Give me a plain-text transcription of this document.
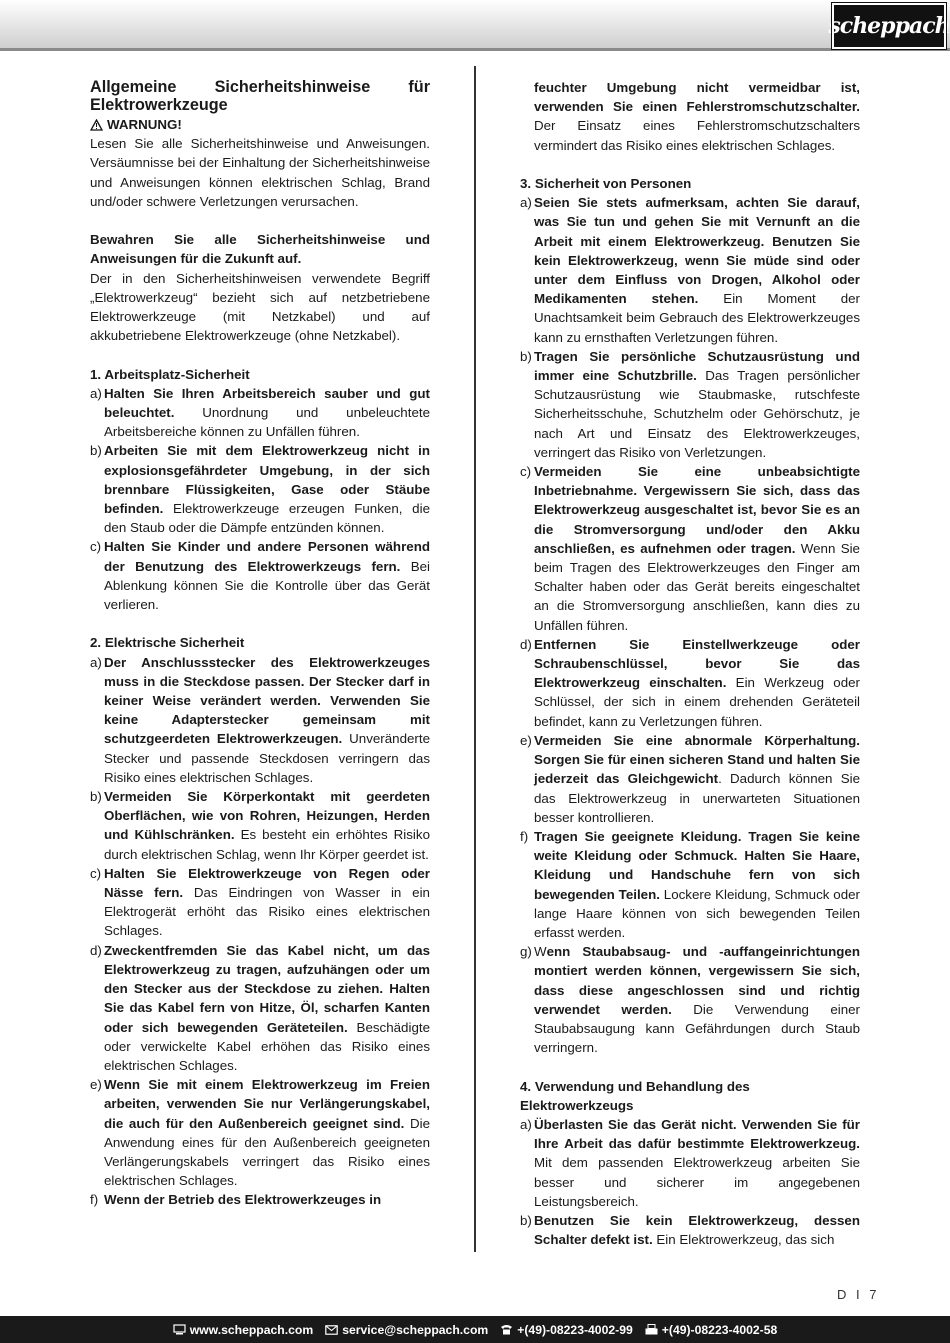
scheppach
Allgemeine Sicherheitshinweise für
Elektrowerkzeuge

WARNUNG!

Lesen Sie alle Sicherheitshinweise und Anweisungen. Versäumnisse bei der Einhaltung der Sicherheitshinweise und Anweisungen können elektrischen Schlag, Brand und/oder schwere Verletzungen verursachen.

Bewahren Sie alle Sicherheitshinweise und Anweisungen für die Zukunft auf.

Der in den Sicherheitshinweisen verwendete Begriff „Elektrowerkzeug“ bezieht sich auf netzbetriebene Elektrowerkzeuge (mit Netzkabel) und auf akkubetriebene Elektrowerkzeuge (ohne Netzkabel).

1. Arbeitsplatz-Sicherheit

a) Halten Sie Ihren Arbeitsbereich sauber und gut beleuchtet. Unordnung und unbeleuchtete Arbeitsbereiche können zu Unfällen führen.
b) Arbeiten Sie mit dem Elektrowerkzeug nicht in explosionsgefährdeter Umgebung, in der sich brennbare Flüssigkeiten, Gase oder Stäube befinden. Elektrowerkzeuge erzeugen Funken, die den Staub oder die Dämpfe entzünden können.
c) Halten Sie Kinder und andere Personen während der Benutzung des Elektrowerkzeugs fern. Bei Ablenkung können Sie die Kontrolle über das Gerät verlieren.

2. Elektrische Sicherheit

a) Der Anschlussstecker des Elektrowerkzeuges muss in die Steckdose passen. Der Stecker darf in keiner Weise verändert werden. Verwenden Sie keine Adapterstecker gemeinsam mit schutzgeerdeten Elektrowerkzeugen. Unveränderte Stecker und passende Steckdosen verringern das Risiko eines elektrischen Schlages.
b) Vermeiden Sie Körperkontakt mit geerdeten Oberflächen, wie von Rohren, Heizungen, Herden und Kühlschränken. Es besteht ein erhöhtes Risiko durch elektrischen Schlag, wenn Ihr Körper geerdet ist.
c) Halten Sie Elektrowerkzeuge von Regen oder Nässe fern. Das Eindringen von Wasser in ein Elektrogerät erhöht das Risiko eines elektrischen Schlages.
d) Zweckentfremden Sie das Kabel nicht, um das Elektrowerkzeug zu tragen, aufzuhängen oder um den Stecker aus der Steckdose zu ziehen. Halten Sie das Kabel fern von Hitze, Öl, scharfen Kanten oder sich bewegenden Geräteteilen. Beschädigte oder verwickelte Kabel erhöhen das Risiko eines elektrischen Schlages.
e) Wenn Sie mit einem Elektrowerkzeug im Freien arbeiten, verwenden Sie nur Verlängerungskabel, die auch für den Außenbereich geeignet sind. Die Anwendung eines für den Außenbereich geeigneten Verlängerungskabels verringert das Risiko eines elektrischen Schlages.
f) Wenn der Betrieb des Elektrowerkzeuges in
feuchter Umgebung nicht vermeidbar ist, verwenden Sie einen Fehlerstromschutzschalter. Der Einsatz eines Fehlerstromschutzschalters vermindert das Risiko eines elektrischen Schlages.

3. Sicherheit von Personen

a) Seien Sie stets aufmerksam, achten Sie darauf, was Sie tun und gehen Sie mit Vernunft an die Arbeit mit einem Elektrowerkzeug. Benutzen Sie kein Elektrowerkzeug, wenn Sie müde sind oder unter dem Einfluss von Drogen, Alkohol oder Medikamenten stehen. Ein Moment der Unachtsamkeit beim Gebrauch des Elektrowerkzeuges kann zu ernsthaften Verletzungen führen.
b) Tragen Sie persönliche Schutzausrüstung und immer eine Schutzbrille. Das Tragen persönlicher Schutzausrüstung wie Staubmaske, rutschfeste Sicherheitsschuhe, Schutzhelm oder Gehörschutz, je nach Art und Einsatz des Elektrowerkzeuges, verringert das Risiko von Verletzungen.
c) Vermeiden Sie eine unbeabsichtigte Inbetriebnahme. Vergewissern Sie sich, dass das Elektrowerkzeug ausgeschaltet ist, bevor Sie es an die Stromversorgung und/oder den Akku anschließen, es aufnehmen oder tragen. Wenn Sie beim Tragen des Elektrowerkzeuges den Finger am Schalter haben oder das Gerät bereits eingeschaltet an die Stromversorgung anschließen, kann dies zu Unfällen führen.
d) Entfernen Sie Einstellwerkzeuge oder Schraubenschlüssel, bevor Sie das Elektrowerkzeug einschalten. Ein Werkzeug oder Schlüssel, der sich in einem drehenden Geräteteil befindet, kann zu Verletzungen führen.
e) Vermeiden Sie eine abnormale Körperhaltung. Sorgen Sie für einen sicheren Stand und halten Sie jederzeit das Gleichgewicht. Dadurch können Sie das Elektrowerkzeug in unerwarteten Situationen besser kontrollieren.
f) Tragen Sie geeignete Kleidung. Tragen Sie keine weite Kleidung oder Schmuck. Halten Sie Haare, Kleidung und Handschuhe fern von sich bewegenden Teilen. Lockere Kleidung, Schmuck oder lange Haare können von sich bewegenden Teilen erfasst werden.
g) Wenn Staubabsaug- und -auffangeinrichtungen montiert werden können, vergewissern Sie sich, dass diese angeschlossen sind und richtig verwendet werden. Die Verwendung einer Staubabsaugung kann Gefährdungen durch Staub verringern.

4. Verwendung und Behandlung des Elektrowerkzeugs

a) Überlasten Sie das Gerät nicht. Verwenden Sie für Ihre Arbeit das dafür bestimmte Elektrowerkzeug. Mit dem passenden Elektrowerkzeug arbeiten Sie besser und sicherer im angegebenen Leistungsbereich.
b) Benutzen Sie kein Elektrowerkzeug, dessen Schalter defekt ist. Ein Elektrowerkzeug, das sich
D I 7
www.scheppach.com service@scheppach.com +(49)-08223-4002-99 +(49)-08223-4002-58
